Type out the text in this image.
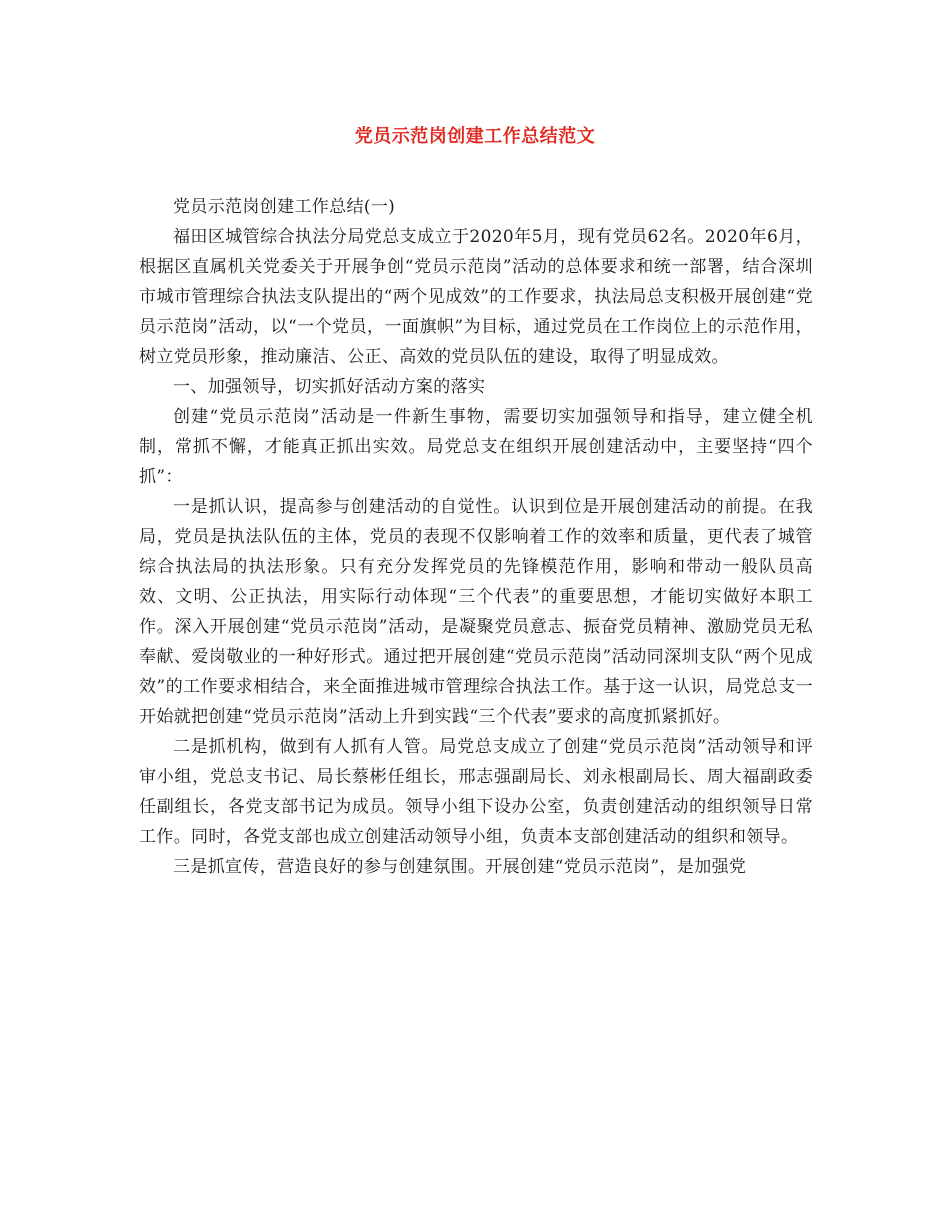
党员示范岗创建工作总结范文

党员示范岗创建工作总结(一)

福田区城管综合执法分局党总支成立于2020年5月，现有党员62名。2020年6月，根据区直属机关党委关于开展争创“党员示范岗”活动的总体要求和统一部署，结合深圳市城市管理综合执法支队提出的“两个见成效”的工作要求，执法局总支积极开展创建“党员示范岗”活动，以“一个党员，一面旗帜”为目标，通过党员在工作岗位上的示范作用，树立党员形象，推动廉洁、公正、高效的党员队伍的建设，取得了明显成效。

一、加强领导，切实抓好活动方案的落实

创建“党员示范岗”活动是一件新生事物，需要切实加强领导和指导，建立健全机制，常抓不懈，才能真正抓出实效。局党总支在组织开展创建活动中，主要坚持“四个抓”：

一是抓认识，提高参与创建活动的自觉性。认识到位是开展创建活动的前提。在我局，党员是执法队伍的主体，党员的表现不仅影响着工作的效率和质量，更代表了城管综合执法局的执法形象。只有充分发挥党员的先锋模范作用，影响和带动一般队员高效、文明、公正执法，用实际行动体现“三个代表”的重要思想，才能切实做好本职工作。深入开展创建“党员示范岗”活动，是凝聚党员意志、振奋党员精神、激励党员无私奉献、爱岗敬业的一种好形式。通过把开展创建“党员示范岗”活动同深圳支队“两个见成效”的工作要求相结合，来全面推进城市管理综合执法工作。基于这一认识，局党总支一开始就把创建“党员示范岗”活动上升到实践“三个代表”要求的高度抓紧抓好。

二是抓机构，做到有人抓有人管。局党总支成立了创建“党员示范岗”活动领导和评审小组，党总支书记、局长蔡彬任组长，邢志强副局长、刘永根副局长、周大福副政委任副组长，各党支部书记为成员。领导小组下设办公室，负责创建活动的组织领导日常工作。同时，各党支部也成立创建活动领导小组，负责本支部创建活动的组织和领导。

三是抓宣传，营造良好的参与创建氛围。开展创建“党员示范岗”，是加强党
